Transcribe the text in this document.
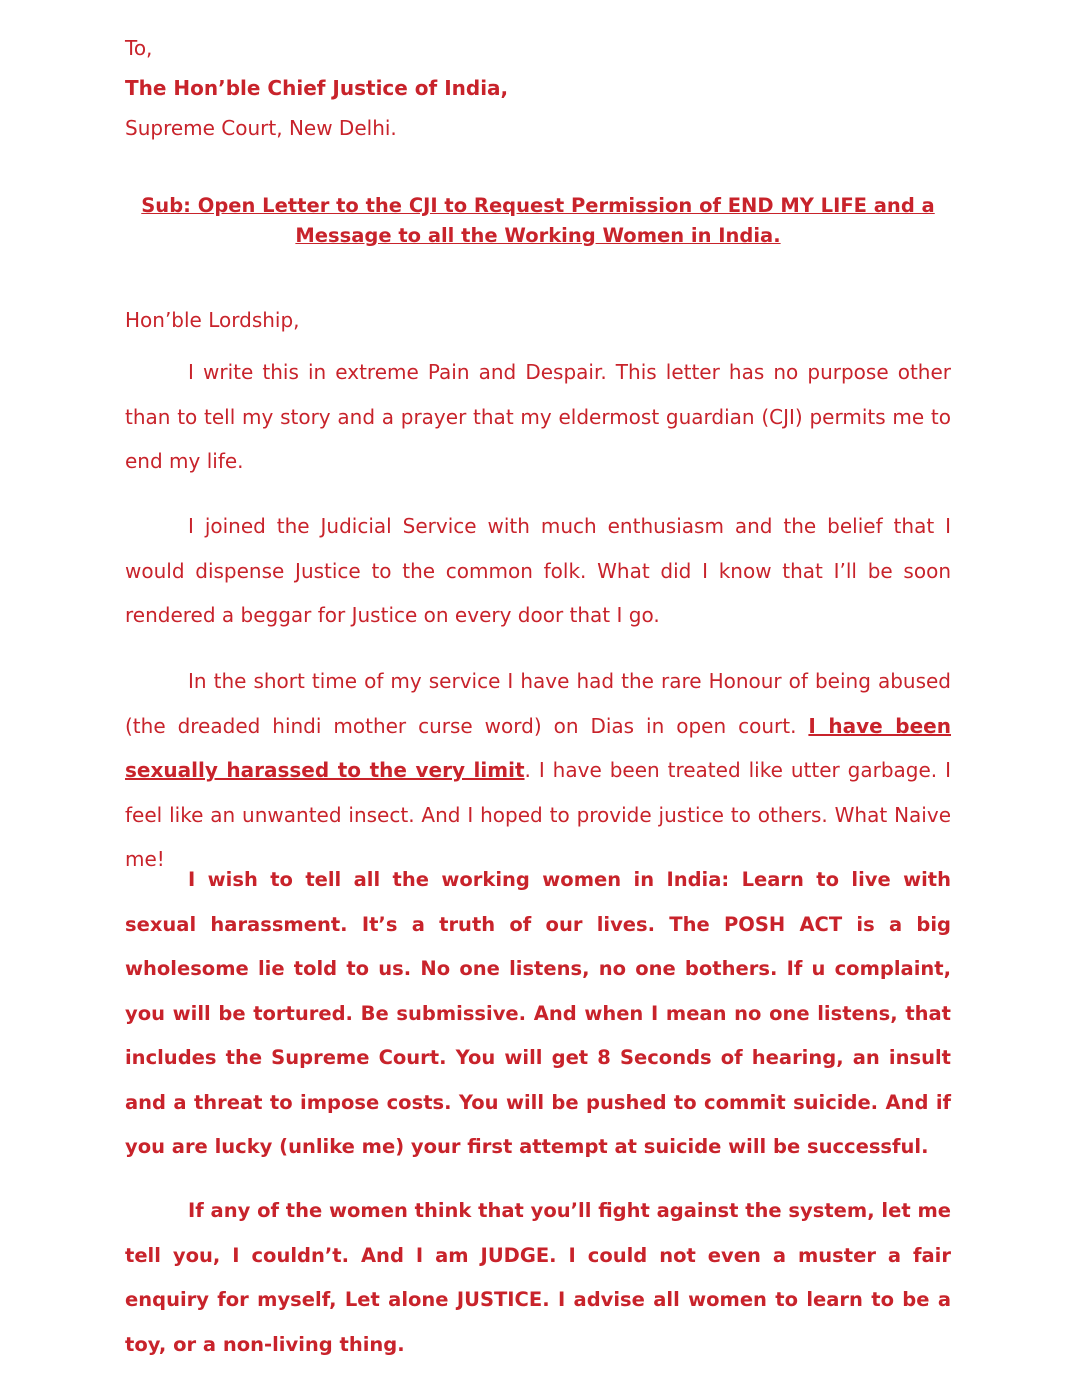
To,

The Hon’ble Chief Justice of India,

Supreme Court, New Delhi.

Sub: Open Letter to the CJI to Request Permission of END MY LIFE and a
Message to all the Working Women in India.

Hon’ble Lordship,

I write this in extreme Pain and Despair. This letter has no purpose other than to tell my story and a prayer that my eldermost guardian (CJI) permits me to end my life.

I joined the Judicial Service with much enthusiasm and the belief that I would dispense Justice to the common folk. What did I know that I’ll be soon rendered a beggar for Justice on every door that I go.

In the short time of my service I have had the rare Honour of being abused (the dreaded hindi mother curse word) on Dias in open court. I have been sexually harassed to the very limit. I have been treated like utter garbage. I feel like an unwanted insect. And I hoped to provide justice to others. What Naive me!

I wish to tell all the working women in India: Learn to live with sexual harassment. It’s a truth of our lives. The POSH ACT is a big wholesome lie told to us. No one listens, no one bothers. If u complaint, you will be tortured. Be submissive. And when I mean no one listens, that includes the Supreme Court. You will get 8 Seconds of hearing, an insult and a threat to impose costs. You will be pushed to commit suicide. And if you are lucky (unlike me) your first attempt at suicide will be successful.

If any of the women think that you’ll fight against the system, let me tell you, I couldn’t. And I am JUDGE. I could not even a muster a fair enquiry for myself, Let alone JUSTICE. I advise all women to learn to be a toy, or a non-living thing.
